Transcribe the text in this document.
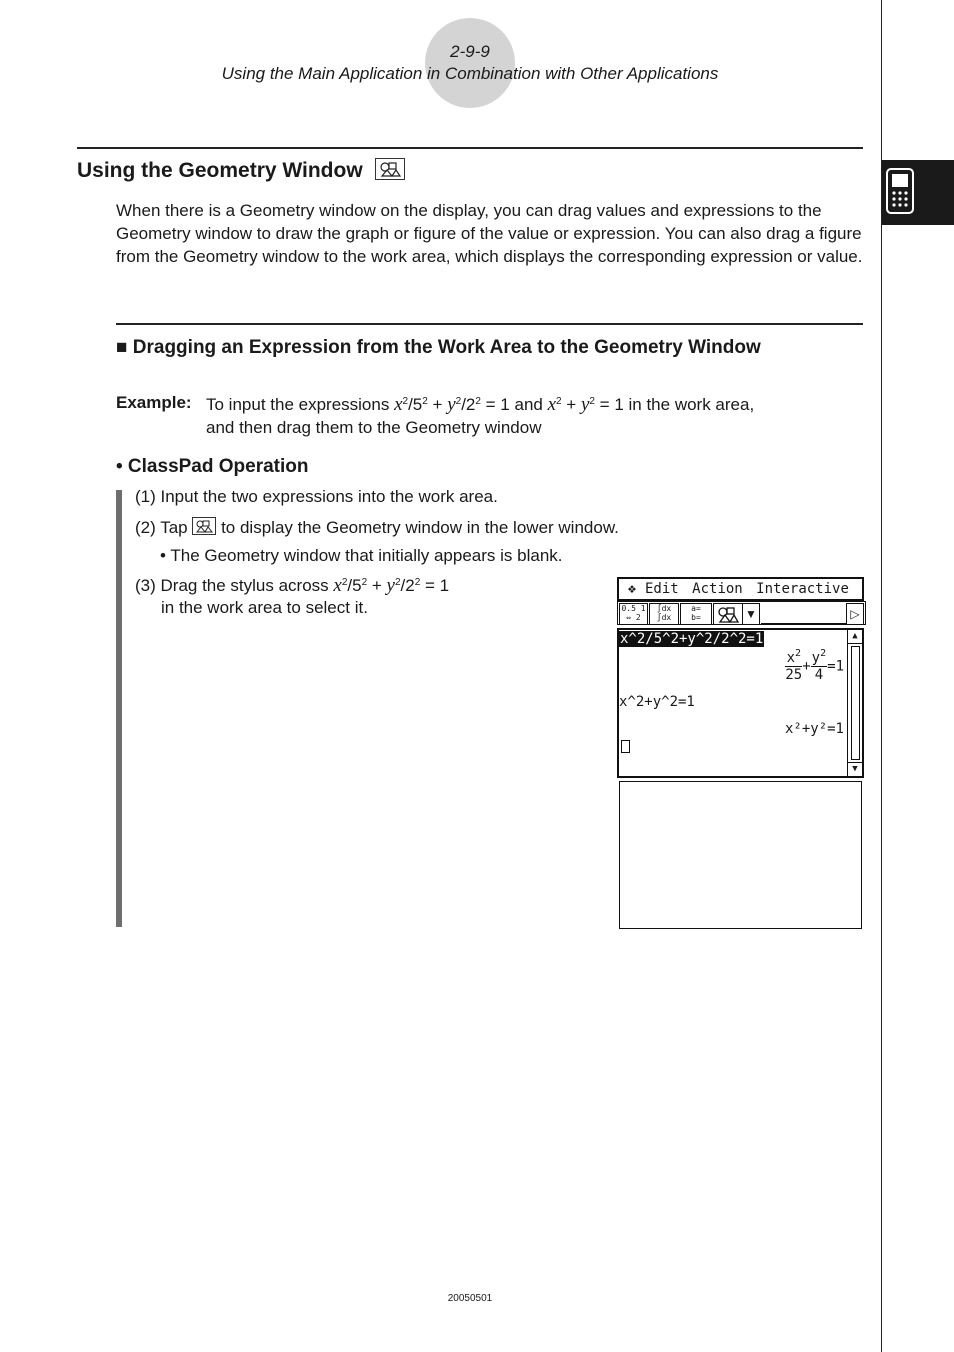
2-9-9
Using the Main Application in Combination with Other Applications
Using the Geometry Window
When there is a Geometry window on the display, you can drag values and expressions to the Geometry window to draw the graph or figure of the value or expression. You can also drag a figure from the Geometry window to the work area, which displays the corresponding expression or value.
■ Dragging an Expression from the Work Area to the Geometry Window
Example: To input the expressions $x^2/5^2 + y^2/2^2 = 1$ and $x^2 + y^2 = 1$ in the work area,
and then drag them to the Geometry window
• ClassPad Operation
(1) Input the two expressions into the work area.
(2) Tap to display the Geometry window in the lower window.
• The Geometry window that initially appears is blank.
(3) Drag the stylus across $x^2/5^2 + y^2/2^2 = 1$
in the work area to select it.
❖ Edit Action Interactive
0.5 1
⇔ 2
∫dx
∫dx
a=
b=	▼	▷
x^2/5^2+y^2/2^2=1
$\frac{x^2}{25} + \frac{y^2}{4} =1$
x^2+y^2=1
x²+y²=1
▲
▼
20050501
